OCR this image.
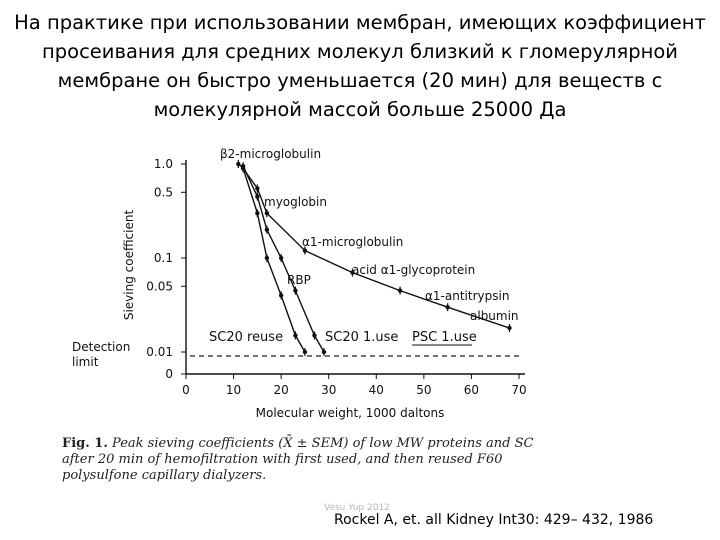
На практике при использовании мембран, имеющих коэффициент просеивания для средних молекул близкий к гломерулярной мембране он быстро уменьшается (20 мин) для веществ с молекулярной массой больше 25000 Да
0	10	20	30	40	50	60	70
1.0
0.5
0.1
0.05
0.01
0
Detection
limit
SC20 reuse	SC20 1.use PSC 1.use
β2-microglobulin
myoglobin
α1-microglobulin
RBP
acid α1-glycoprotein
α1-antitrypsin
albumin
Sieving coefficient
Molecular weight, 1000 daltons
Fig. 1. Peak sieving coefficients (X̄ ± SEM) of low MW proteins and SC after 20 min of hemofiltration with first used, and then reused F60 polysulfone capillary dialyzers.
Vesu Yup 2012
Rockel A, et. all Kidney Int30: 429– 432, 1986
